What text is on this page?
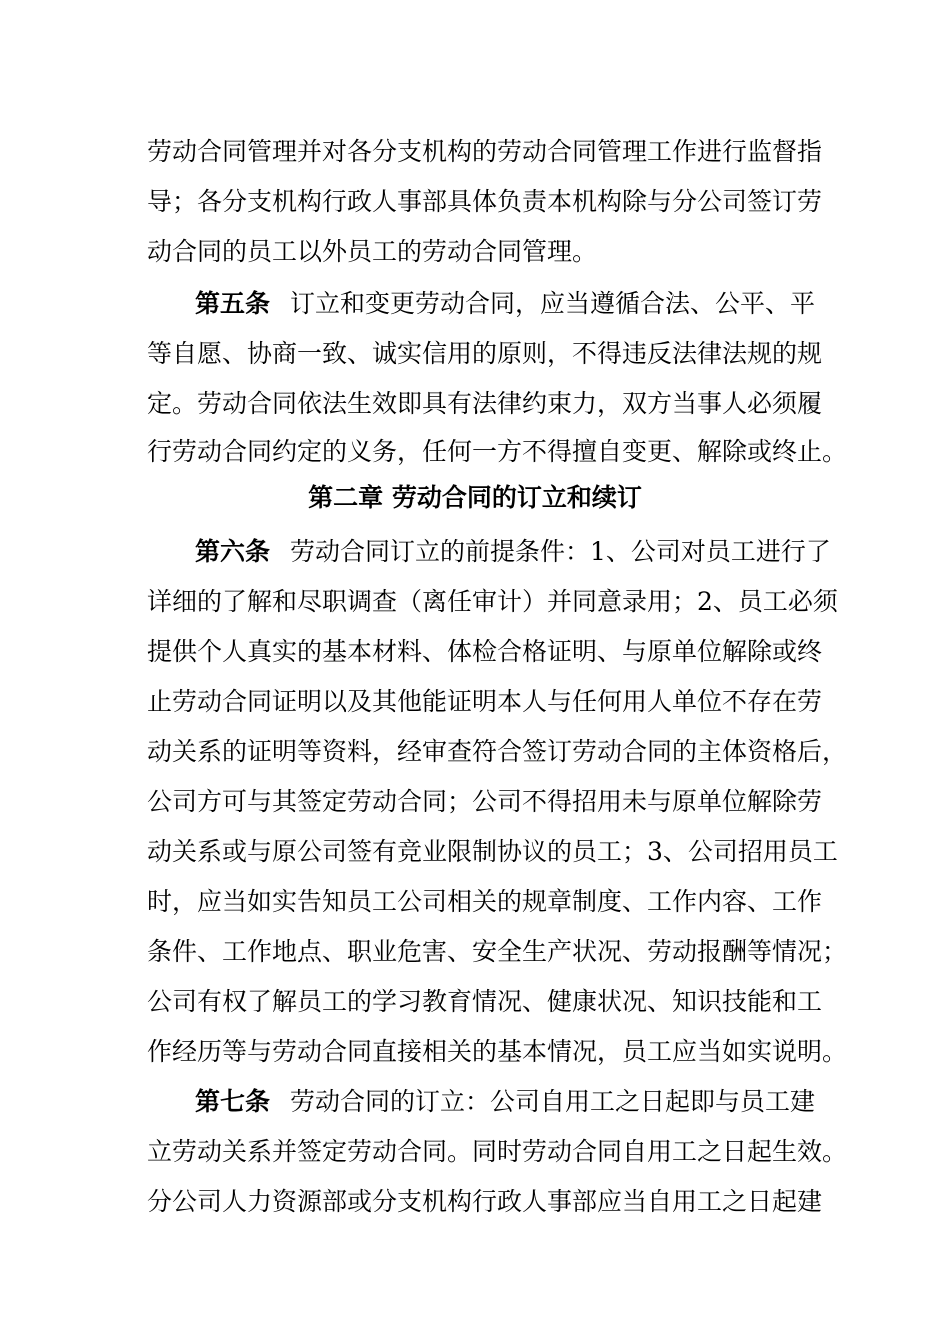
劳动合同管理并对各分支机构的劳动合同管理工作进行监督指
导；各分支机构行政人事部具体负责本机构除与分公司签订劳
动合同的员工以外员工的劳动合同管理。
第五条 订立和变更劳动合同，应当遵循合法、公平、平
等自愿、协商一致、诚实信用的原则，不得违反法律法规的规
定。劳动合同依法生效即具有法律约束力，双方当事人必须履
行劳动合同约定的义务，任何一方不得擅自变更、解除或终止。
第二章 劳动合同的订立和续订
第六条 劳动合同订立的前提条件：1、公司对员工进行了
详细的了解和尽职调查（离任审计）并同意录用；2、员工必须
提供个人真实的基本材料、体检合格证明、与原单位解除或终
止劳动合同证明以及其他能证明本人与任何用人单位不存在劳
动关系的证明等资料，经审查符合签订劳动合同的主体资格后，
公司方可与其签定劳动合同；公司不得招用未与原单位解除劳
动关系或与原公司签有竞业限制协议的员工；3、公司招用员工
时，应当如实告知员工公司相关的规章制度、工作内容、工作
条件、工作地点、职业危害、安全生产状况、劳动报酬等情况；
公司有权了解员工的学习教育情况、健康状况、知识技能和工
作经历等与劳动合同直接相关的基本情况，员工应当如实说明。
第七条 劳动合同的订立：公司自用工之日起即与员工建
立劳动关系并签定劳动合同。同时劳动合同自用工之日起生效。
分公司人力资源部或分支机构行政人事部应当自用工之日起建
